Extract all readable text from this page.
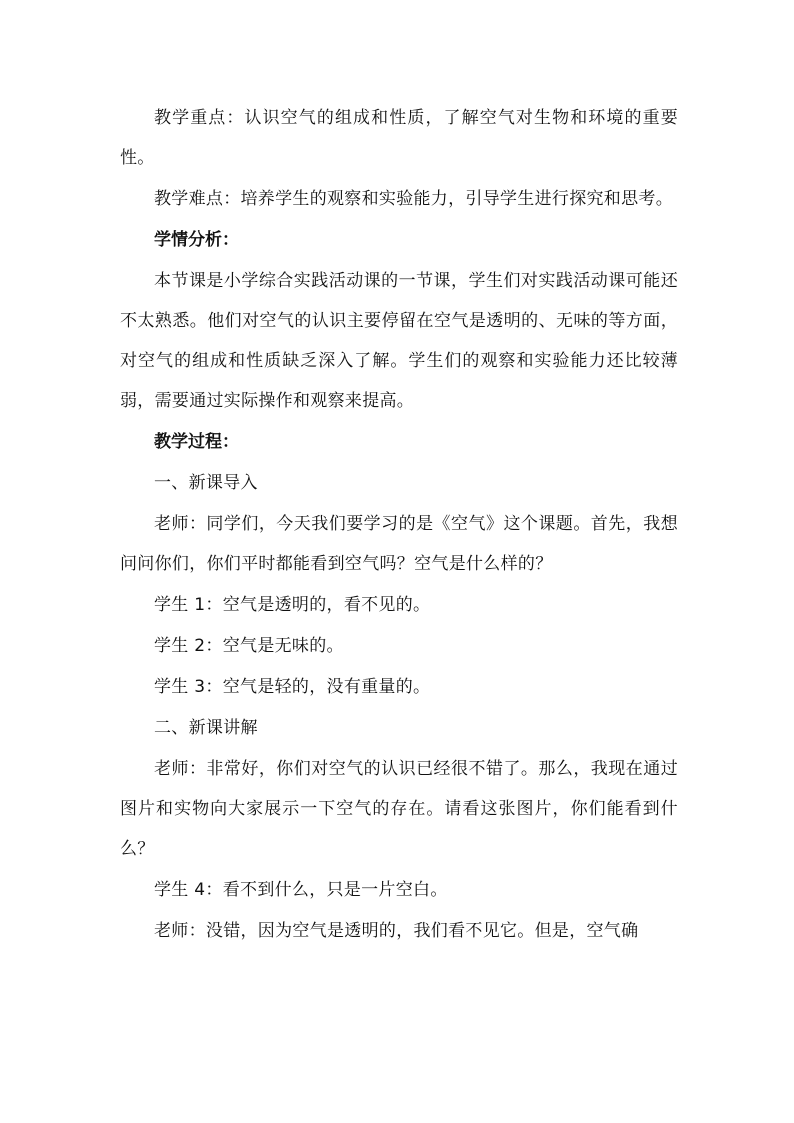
教学重点：认识空气的组成和性质，了解空气对生物和环境的重要性。

教学难点：培养学生的观察和实验能力，引导学生进行探究和思考。

学情分析：

本节课是小学综合实践活动课的一节课，学生们对实践活动课可能还不太熟悉。他们对空气的认识主要停留在空气是透明的、无味的等方面，对空气的组成和性质缺乏深入了解。学生们的观察和实验能力还比较薄弱，需要通过实际操作和观察来提高。

教学过程：

一、新课导入

老师：同学们，今天我们要学习的是《空气》这个课题。首先，我想问问你们，你们平时都能看到空气吗？空气是什么样的？

学生 1：空气是透明的，看不见的。

学生 2：空气是无味的。

学生 3：空气是轻的，没有重量的。

二、新课讲解

老师：非常好，你们对空气的认识已经很不错了。那么，我现在通过图片和实物向大家展示一下空气的存在。请看这张图片，你们能看到什么？

学生 4：看不到什么，只是一片空白。

老师：没错，因为空气是透明的，我们看不见它。但是，空气确
